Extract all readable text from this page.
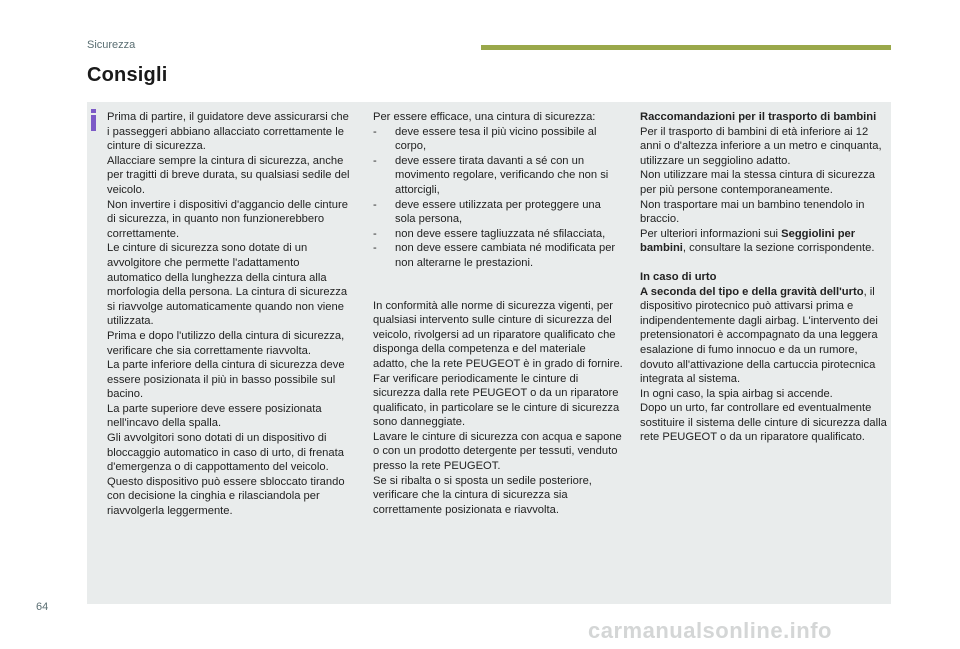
Sicurezza
Consigli

Prima di partire, il guidatore deve assicurarsi che i passeggeri abbiano allacciato correttamente le cinture di sicurezza.

Allacciare sempre la cintura di sicurezza, anche per tragitti di breve durata, su qualsiasi sedile del veicolo.

Non invertire i dispositivi d'aggancio delle cinture di sicurezza, in quanto non funzionerebbero correttamente.

Le cinture di sicurezza sono dotate di un avvolgitore che permette l'adattamento automatico della lunghezza della cintura alla morfologia della persona. La cintura di sicurezza si riavvolge automaticamente quando non viene utilizzata.

Prima e dopo l'utilizzo della cintura di sicurezza, verificare che sia correttamente riavvolta.

La parte inferiore della cintura di sicurezza deve essere posizionata il più in basso possibile sul bacino.

La parte superiore deve essere posizionata nell'incavo della spalla.

Gli avvolgitori sono dotati di un dispositivo di bloccaggio automatico in caso di urto, di frenata d'emergenza o di cappottamento del veicolo. Questo dispositivo può essere sbloccato tirando con decisione la cinghia e rilasciandola per riavvolgerla leggermente.

Per essere efficace, una cintura di sicurezza:

-	deve essere tesa il più vicino possibile al corpo,
-	deve essere tirata davanti a sé con un movimento regolare, verificando che non si attorcigli,
-	deve essere utilizzata per proteggere una sola persona,
-	non deve essere tagliuzzata né sfilacciata,
-	non deve essere cambiata né modificata per non alterarne le prestazioni.

In conformità alle norme di sicurezza vigenti, per qualsiasi intervento sulle cinture di sicurezza del veicolo, rivolgersi ad un riparatore qualificato che disponga della competenza e del materiale adatto, che la rete PEUGEOT è in grado di fornire.

Far verificare periodicamente le cinture di sicurezza dalla rete PEUGEOT o da un riparatore qualificato, in particolare se le cinture di sicurezza sono danneggiate.

Lavare le cinture di sicurezza con acqua e sapone o con un prodotto detergente per tessuti, venduto presso la rete PEUGEOT.

Se si ribalta o si sposta un sedile posteriore, verificare che la cintura di sicurezza sia correttamente posizionata e riavvolta.

Raccomandazioni per il trasporto di bambini

Per il trasporto di bambini di età inferiore ai 12 anni o d'altezza inferiore a un metro e cinquanta, utilizzare un seggiolino adatto.

Non utilizzare mai la stessa cintura di sicurezza per più persone contemporaneamente.

Non trasportare mai un bambino tenendolo in braccio.

Per ulteriori informazioni sui Seggiolini per bambini, consultare la sezione corrispondente.

In caso di urto

A seconda del tipo e della gravità dell'urto, il dispositivo pirotecnico può attivarsi prima e indipendentemente dagli airbag. L'intervento dei pretensionatori è accompagnato da una leggera esalazione di fumo innocuo e da un rumore, dovuto all'attivazione della cartuccia pirotecnica integrata al sistema.

In ogni caso, la spia airbag si accende.

Dopo un urto, far controllare ed eventualmente sostituire il sistema delle cinture di sicurezza dalla rete PEUGEOT o da un riparatore qualificato.

64
carmanualsonline.info
